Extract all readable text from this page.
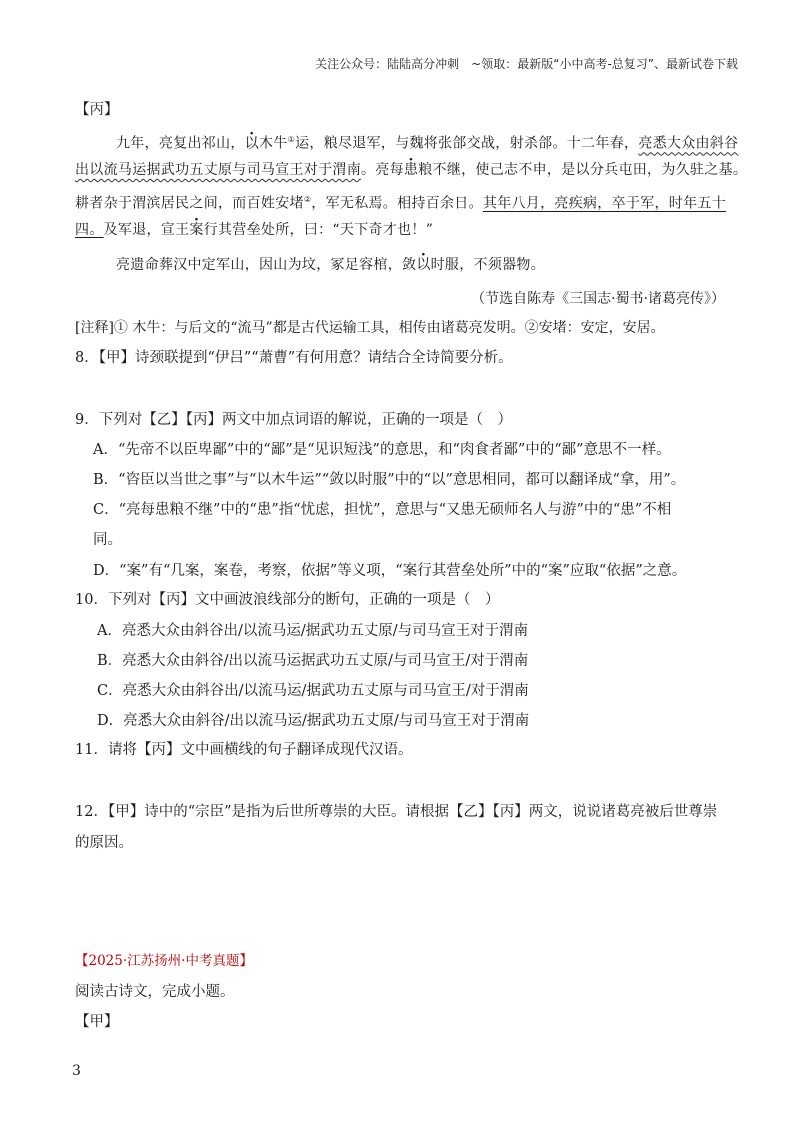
关注公众号：陆陆高分冲刺　~领取：最新版“小中高考-总复习”、最新试卷下载
【丙】
九年，亮复出祁山，以木牛①运，粮尽退军，与魏将张郃交战，射杀郃。十二年春，亮悉大众由斜谷
出以流马运据武功五丈原与司马宣王对于渭南。亮每患粮不继，使己志不申，是以分兵屯田，为久驻之基。
耕者杂于渭滨居民之间，而百姓安堵②，军无私焉。相持百余日。其年八月，亮疾病，卒于军，时年五十
四。及军退，宣王案行其营垒处所，曰：“天下奇才也！”
亮遗命葬汉中定军山，因山为坟，冢足容棺，敛以时服，不须器物。
（节选自陈寿《三国志·蜀书·诸葛亮传》）
[注释]① 木牛：与后文的“流马”都是古代运输工具，相传由诸葛亮发明。②安堵：安定，安居。
8．【甲】诗颈联提到“伊吕”“萧曹”有何用意？请结合全诗简要分析。
9．下列对【乙】【丙】两文中加点词语的解说，正确的一项是（　）
A．“先帝不以臣卑鄙”中的“鄙”是“见识短浅”的意思，和“肉食者鄙”中的“鄙”意思不一样。
B．“咨臣以当世之事”与“以木牛运”“敛以时服”中的“以”意思相同，都可以翻译成“拿，用”。
C．“亮每患粮不继”中的“患”指“忧虑，担忧”，意思与“又患无硕师名人与游”中的“患”不相
同。
D．“案”有“几案，案卷，考察，依据”等义项，“案行其营垒处所”中的“案”应取“依据”之意。
10．下列对【丙】文中画波浪线部分的断句，正确的一项是（　）
A．亮悉大众由斜谷出/以流马运/据武功五丈原/与司马宣王对于渭南
B．亮悉大众由斜谷/出以流马运据武功五丈原/与司马宣王/对于渭南
C．亮悉大众由斜谷出/以流马运/据武功五丈原与司马宣王/对于渭南
D．亮悉大众由斜谷/出以流马运/据武功五丈原/与司马宣王对于渭南
11．请将【丙】文中画横线的句子翻译成现代汉语。
12．【甲】诗中的“宗臣”是指为后世所尊崇的大臣。请根据【乙】【丙】两文，说说诸葛亮被后世尊崇
的原因。
【2025·江苏扬州·中考真题】
阅读古诗文，完成小题。
【甲】
3
